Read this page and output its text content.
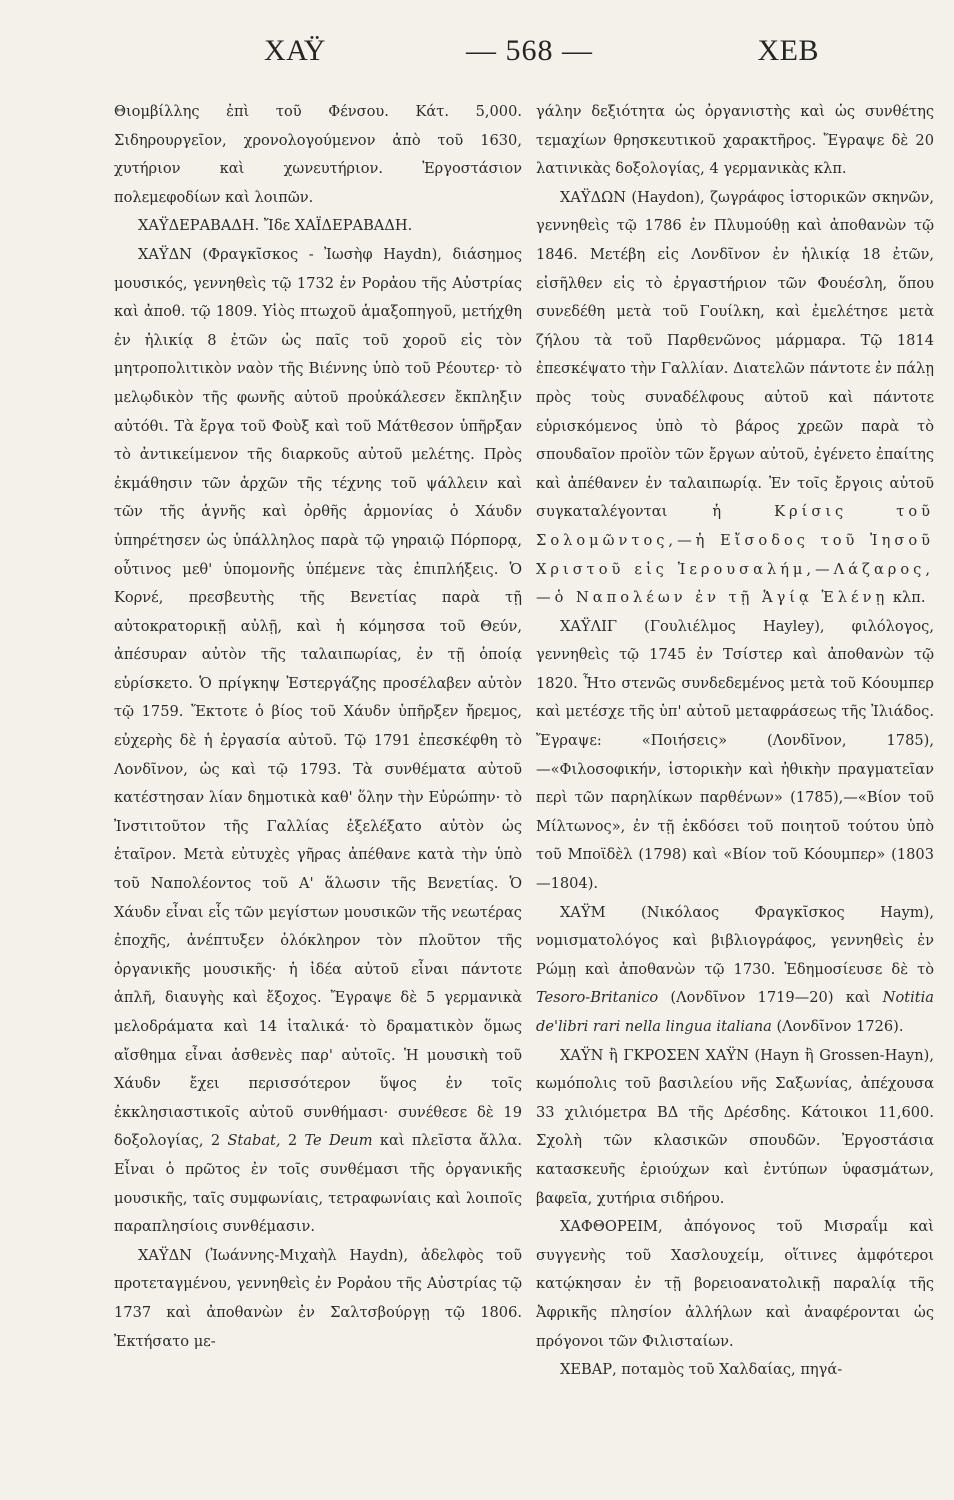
ΧΑΫ	— 568 —	ΧΕΒ

Θιομβίλλης ἐπὶ τοῦ Φένσου. Κάτ. 5,000. Σιδηρουργεῖον, χρονολογούμενον ἀπὸ τοῦ 1630, χυτήριον καὶ χωνευτήριον. Ἐργοστάσιον πολεμεφοδίων καὶ λοιπῶν.

ΧΑΫΔΕΡΑΒΑΔΗ. Ἴδε ΧΑΪΔΕΡΑΒΑΔΗ.

ΧΑΫΔΝ (Φραγκῖσκος - Ἰωσὴφ Haydn), διάσημος μουσικός, γεννηθεὶς τῷ 1732 ἐν Ρορἀου τῆς Αὐστρίας καὶ ἀποθ. τῷ 1809. Υἱὸς πτωχοῦ ἁμαξοπηγοῦ, μετήχθη ἐν ἡλικίᾳ 8 ἐτῶν ὡς παῖς τοῦ χοροῦ εἰς τὸν μητροπολιτικὸν ναὸν τῆς Βιέννης ὑπὸ τοῦ Ρέουτερ· τὸ μελῳδικὸν τῆς φωνῆς αὐτοῦ προὐκάλεσεν ἔκπληξιν αὐτόθι. Τὰ ἔργα τοῦ Φοὺξ καὶ τοῦ Μάτθεσον ὑπῆρξαν τὸ ἀντικείμενον τῆς διαρκοῦς αὐτοῦ μελέτης. Πρὸς ἐκμάθησιν τῶν ἀρχῶν τῆς τέχνης τοῦ ψάλλειν καὶ τῶν τῆς ἁγνῆς καὶ ὀρθῆς ἁρμονίας ὁ Χάυδν ὑπηρέτησεν ὡς ὑπάλληλος παρὰ τῷ γηραιῷ Πόρπορᾳ, οὗτινος μεθ' ὑπομονῆς ὑπέμενε τὰς ἐπιπλήξεις. Ὁ Κορνέ, πρεσβευτὴς τῆς Βενετίας παρὰ τῇ αὐτοκρατορικῇ αὐλῇ, καὶ ἡ κόμησσα τοῦ Θεύν, ἀπέσυραν αὐτὸν τῆς ταλαιπωρίας, ἐν τῇ ὁποίᾳ εὑρίσκετο. Ὁ πρίγκηψ Ἐστεργάζης προσέλαβεν αὐτὸν τῷ 1759. Ἔκτοτε ὁ βίος τοῦ Χάυδν ὑπῆρξεν ἤρεμος, εὐχερὴς δὲ ἡ ἐργασία αὐτοῦ. Τῷ 1791 ἐπεσκέφθη τὸ Λονδῖνον, ὡς καὶ τῷ 1793. Τὰ συνθέματα αὐτοῦ κατέστησαν λίαν δημοτικὰ καθ' ὅλην τὴν Εὐρώπην· τὸ Ἰνστιτοῦτον τῆς Γαλλίας ἐξελέξατο αὐτὸν ὡς ἑταῖρον. Μετὰ εὐτυχὲς γῆρας ἀπέθανε κατὰ τὴν ὑπὸ τοῦ Ναπολέοντος τοῦ Α' ἅλωσιν τῆς Βενετίας. Ὁ Χάυδν εἶναι εἷς τῶν μεγίστων μουσικῶν τῆς νεωτέρας ἐποχῆς, ἀνέπτυξεν ὁλόκληρον τὸν πλοῦτον τῆς ὀργανικῆς μουσικῆς· ἡ ἰδέα αὐτοῦ εἶναι πάντοτε ἁπλῆ, διαυγὴς καὶ ἔξοχος. Ἔγραψε δὲ 5 γερμανικὰ μελοδράματα καὶ 14 ἰταλικά· τὸ δραματικὸν ὅμως αἴσθημα εἶναι ἀσθενὲς παρ' αὐτοῖς. Ἡ μουσικὴ τοῦ Χάυδν ἔχει περισσότερον ὕψος ἐν τοῖς ἐκκλησιαστικοῖς αὐτοῦ συνθήμασι· συνέθεσε δὲ 19 δοξολογίας, 2 Stabat, 2 Te Deum καὶ πλεῖστα ἄλλα. Εἶναι ὁ πρῶτος ἐν τοῖς συνθέμασι τῆς ὀργανικῆς μουσικῆς, ταῖς συμφωνίαις, τετραφωνίαις καὶ λοιποῖς παραπλησίοις συνθέμασιν.

ΧΑΫΔΝ (Ἰωάννης-Μιχαὴλ Haydn), ἀδελφὸς τοῦ προτεταγμένου, γεννηθεὶς ἐν Ρορἀου τῆς Αὐστρίας τῷ 1737 καὶ ἀποθανὼν ἐν Σαλτσβούργῃ τῷ 1806. Ἐκτήσατο με-

γάλην δεξιότητα ὡς ὀργανιστὴς καὶ ὡς συνθέτης τεμαχίων θρησκευτικοῦ χαρακτῆρος. Ἔγραψε δὲ 20 λατινικὰς δοξολογίας, 4 γερμανικὰς κλπ.

ΧΑΫΔΩΝ (Haydon), ζωγράφος ἱστορικῶν σκηνῶν, γεννηθεὶς τῷ 1786 ἐν Πλυμούθῃ καὶ ἀποθανὼν τῷ 1846. Μετέβη εἰς Λονδῖνον ἐν ἡλικίᾳ 18 ἐτῶν, εἰσῆλθεν εἰς τὸ ἐργαστήριον τῶν Φουέσλη, ὅπου συνεδέθη μετὰ τοῦ Γουίλκη, καὶ ἐμελέτησε μετὰ ζήλου τὰ τοῦ Παρθενῶνος μάρμαρα. Τῷ 1814 ἐπεσκέψατο τὴν Γαλλίαν. Διατελῶν πάντοτε ἐν πάλῃ πρὸς τοὺς συναδέλφους αὐτοῦ καὶ πάντοτε εὑρισκόμενος ὑπὸ τὸ βάρος χρεῶν παρὰ τὸ σπουδαῖον προϊὸν τῶν ἔργων αὐτοῦ, ἐγένετο ἐπαίτης καὶ ἀπέθανεν ἐν ταλαιπωρίᾳ. Ἐν τοῖς ἔργοις αὐτοῦ συγκαταλέγονται ἡ Κρίσις τοῦ Σολομῶντος,—ἡ Εἴσοδος τοῦ Ἰησοῦ Χριστοῦ εἰς Ἱερουσαλήμ,—Λάζαρος,—ὁ Ναπολέων ἐν τῇ Ἁγίᾳ Ἑλένῃ κλπ.

ΧΑΫΛΙΓ (Γουλιέλμος Hayley), φιλόλογος, γεννηθεὶς τῷ 1745 ἐν Τσίστερ καὶ ἀποθανὼν τῷ 1820. Ἦτο στενῶς συνδεδεμένος μετὰ τοῦ Κόουμπερ καὶ μετέσχε τῆς ὑπ' αὐτοῦ μεταφράσεως τῆς Ἰλιάδος. Ἔγραψε: «Ποιήσεις» (Λονδῖνον, 1785),—«Φιλοσοφικήν, ἱστορικὴν καὶ ἠθικὴν πραγματεῖαν περὶ τῶν παρηλίκων παρθένων» (1785),—«Βίον τοῦ Μίλτωνος», ἐν τῇ ἐκδόσει τοῦ ποιητοῦ τούτου ὑπὸ τοῦ Μποϊδὲλ (1798) καὶ «Βίον τοῦ Κόουμπερ» (1803—1804).

ΧΑΫΜ (Νικόλαος Φραγκῖσκος Haym), νομισματολόγος καὶ βιβλιογράφος, γεννηθεὶς ἐν Ρώμῃ καὶ ἀποθανὼν τῷ 1730. Ἐδημοσίευσε δὲ τὸ Tesoro-Britanico (Λονδῖνον 1719—20) καὶ Notitia de'libri rari nella lingua italiana (Λονδῖνον 1726).

ΧΑΫΝ ἢ ΓΚΡΟΣΕΝ ΧΑΫΝ (Hayn ἢ Grossen-Hayn), κωμόπολις τοῦ βασιλείου νῆς Σαξωνίας, ἀπέχουσα 33 χιλιόμετρα ΒΔ τῆς Δρέσδης. Κάτοικοι 11,600. Σχολὴ τῶν κλασικῶν σπουδῶν. Ἐργοστάσια κατασκευῆς ἐριούχων καὶ ἐντύπων ὑφασμάτων, βαφεῖα, χυτήρια σιδήρου.

ΧΑΦΘΟΡΕΙΜ, ἀπόγονος τοῦ Μισραΐμ καὶ συγγενὴς τοῦ Χασλουχείμ, οἵτινες ἀμφότεροι κατῴκησαν ἐν τῇ βορειοανατολικῇ παραλίᾳ τῆς Ἀφρικῆς πλησίον ἀλλήλων καὶ ἀναφέρονται ὡς πρόγονοι τῶν Φιλισταίων.

ΧΕΒΑΡ, ποταμὸς τοῦ Χαλδαίας, πηγά-
